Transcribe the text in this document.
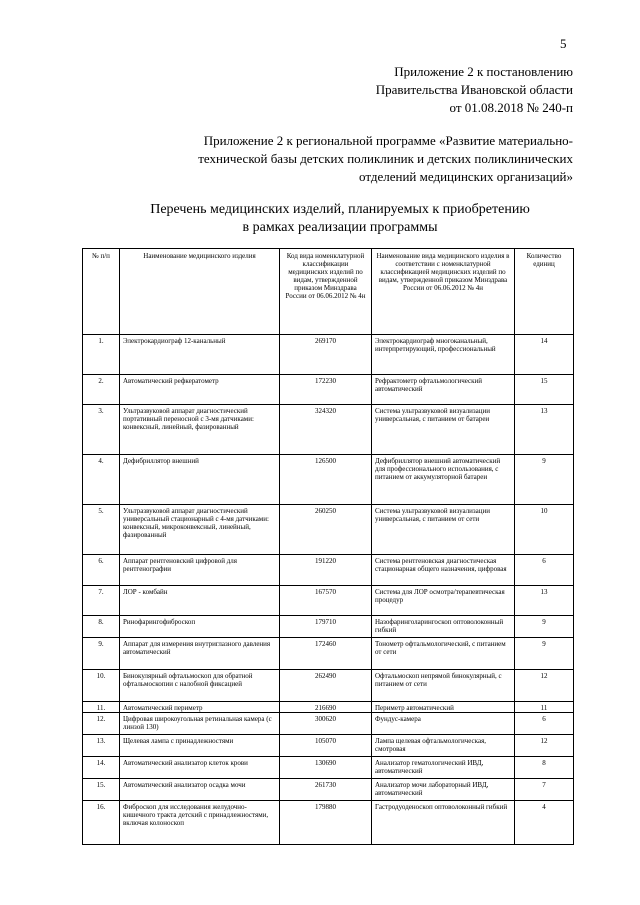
5
Приложение 2 к постановлению
Правительства Ивановской области
от 01.08.2018 № 240-п
Приложение 2 к региональной программе «Развитие материально-
технической базы детских поликлиник и детских поликлинических
отделений медицинских организаций»
Перечень медицинских изделий, планируемых к приобретению
в рамках реализации программы
№ п/п	Наименование медицинского изделия	Код вида номенклатурной классификации медицинских изделий по видам, утвержденной приказом Минздрава России от 06.06.2012 № 4н	Наименование вида медицинского изделия в соответствии с номенклатурной классификацией медицинских изделий по видам, утвержденной приказом Минздрава России от 06.06.2012 № 4н	Количество единиц
1.	Электрокардиограф 12-канальный	269170	Электрокардиограф многоканальный, интерпретирующий, профессиональный	14
2.	Автоматический рефкератометр	172230	Рефрактометр офтальмологический автоматический	15
3.	Ультразвуковой аппарат диагностический портативный переносной с 3-мя датчиками: конвексный, линейный, фазированный	324320	Система ультразвуковой визуализации универсальная, с питанием от батареи	13
4.	Дефибриллятор внешний	126500	Дефибриллятор внешний автоматический для профессионального использования, с питанием от аккумуляторной батареи	9
5.	Ультразвуковой аппарат диагностический универсальный стационарный с 4-мя датчиками: конвексный, микроконвексный, линейный, фазированный	260250	Система ультразвуковой визуализации универсальная, с питанием от сети	10
6.	Аппарат рентгеновский цифровой для рентгенографии	191220	Система рентгеновская диагностическая стационарная общего назначения, цифровая	6
7.	ЛОР - комбайн	167570	Система для ЛОР осмотра/терапевтическая процедур	13
8.	Ринофарингофиброскоп	179710	Назофаринголарингоскоп оптоволоконный гибкий	9
9.	Аппарат для измерения внутриглазного давления автоматический	172460	Тонометр офтальмологический, с питанием от сети	9
10.	Бинокулярный офтальмоскоп для обратной офтальмоскопии с налобной фиксацией	262490	Офтальмоскоп непрямой бинокулярный, с питанием от сети	12
11.	Автоматический периметр	216690	Периметр автоматический	11
12.	Цифровая широкоугольная ретинальная камера (с линзой 130)	300620	Фундус-камера	6
13.	Щелевая лампа с принадлежностями	105070	Лампа щелевая офтальмологическая, смотровая	12
14.	Автоматический анализатор клеток крови	130690	Анализатор гематологический ИВД, автоматический	8
15.	Автоматический анализатор осадка мочи	261730	Анализатор мочи лабораторный ИВД, автоматический	7
16.	Фиброскоп для исследования желудочно-кишечного тракта детский с принадлежностями, включая колоноскоп	179880	Гастродуоденоскоп оптоволоконный гибкий	4
